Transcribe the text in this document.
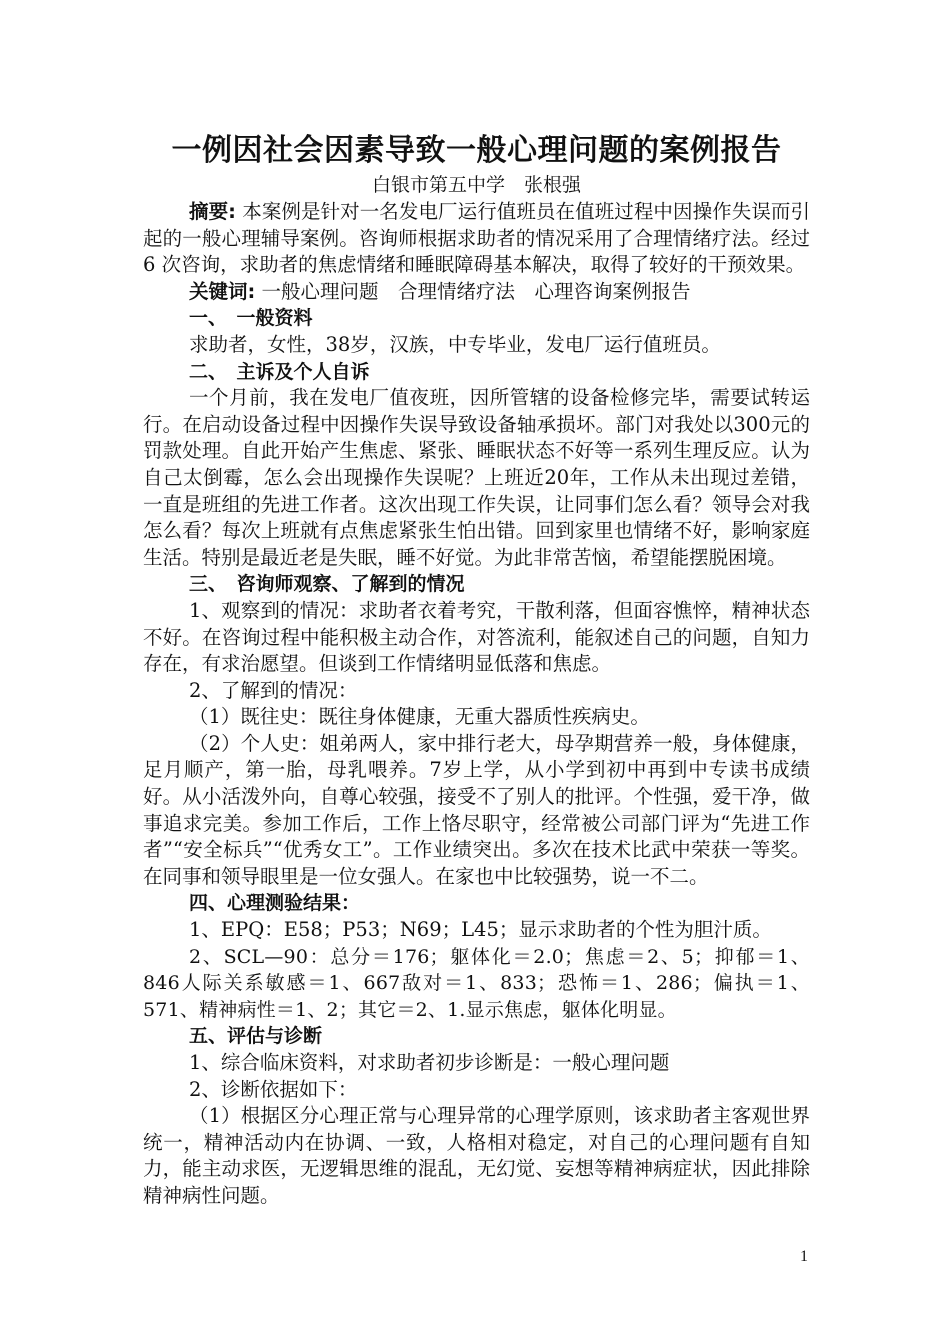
一例因社会因素导致一般心理问题的案例报告

白银市第五中学　张根强

摘要: 本案例是针对一名发电厂运行值班员在值班过程中因操作失误而引起的一般心理辅导案例。咨询师根据求助者的情况采用了合理情绪疗法。经过6 次咨询，求助者的焦虑情绪和睡眠障碍基本解决，取得了较好的干预效果。

关键词: 一般心理问题　合理情绪疗法　心理咨询案例报告

一、　一般资料

求助者，女性，38岁，汉族，中专毕业，发电厂运行值班员。

二、　主诉及个人自诉

一个月前，我在发电厂值夜班，因所管辖的设备检修完毕，需要试转运行。在启动设备过程中因操作失误导致设备轴承损坏。部门对我处以300元的罚款处理。自此开始产生焦虑、紧张、睡眠状态不好等一系列生理反应。认为自己太倒霉，怎么会出现操作失误呢？上班近20年，工作从未出现过差错，一直是班组的先进工作者。这次出现工作失误，让同事们怎么看？领导会对我怎么看？每次上班就有点焦虑紧张生怕出错。回到家里也情绪不好，影响家庭生活。特别是最近老是失眠，睡不好觉。为此非常苦恼，希望能摆脱困境。

三、　咨询师观察、了解到的情况

1、观察到的情况：求助者衣着考究，干散利落，但面容憔悴，精神状态不好。在咨询过程中能积极主动合作，对答流利，能叙述自己的问题，自知力存在，有求治愿望。但谈到工作情绪明显低落和焦虑。

2、了解到的情况：

（1）既往史：既往身体健康，无重大器质性疾病史。

（2）个人史：姐弟两人，家中排行老大，母孕期营养一般，身体健康，足月顺产，第一胎，母乳喂养。7岁上学，从小学到初中再到中专读书成绩好。从小活泼外向，自尊心较强，接受不了别人的批评。个性强，爱干净，做事追求完美。参加工作后，工作上恪尽职守，经常被公司部门评为“先进工作者”“安全标兵”“优秀女工”。工作业绩突出。多次在技术比武中荣获一等奖。在同事和领导眼里是一位女强人。在家也中比较强势，说一不二。

四、心理测验结果：

1、EPQ：E58；P53；N69；L45；显示求助者的个性为胆汁质。

2、SCL—90：总分＝176；躯体化＝2.0；焦虑＝2、5；抑郁＝1、846人际关系敏感＝1、667敌对＝1、833；恐怖＝1、286；偏执＝1、571、精神病性＝1、2；其它＝2、1.显示焦虑，躯体化明显。

五、评估与诊断

1、综合临床资料，对求助者初步诊断是：一般心理问题

2、诊断依据如下：

（1）根据区分心理正常与心理异常的心理学原则，该求助者主客观世界统一，精神活动内在协调、一致，人格相对稳定，对自己的心理问题有自知力，能主动求医，无逻辑思维的混乱，无幻觉、妄想等精神病症状，因此排除精神病性问题。

1
